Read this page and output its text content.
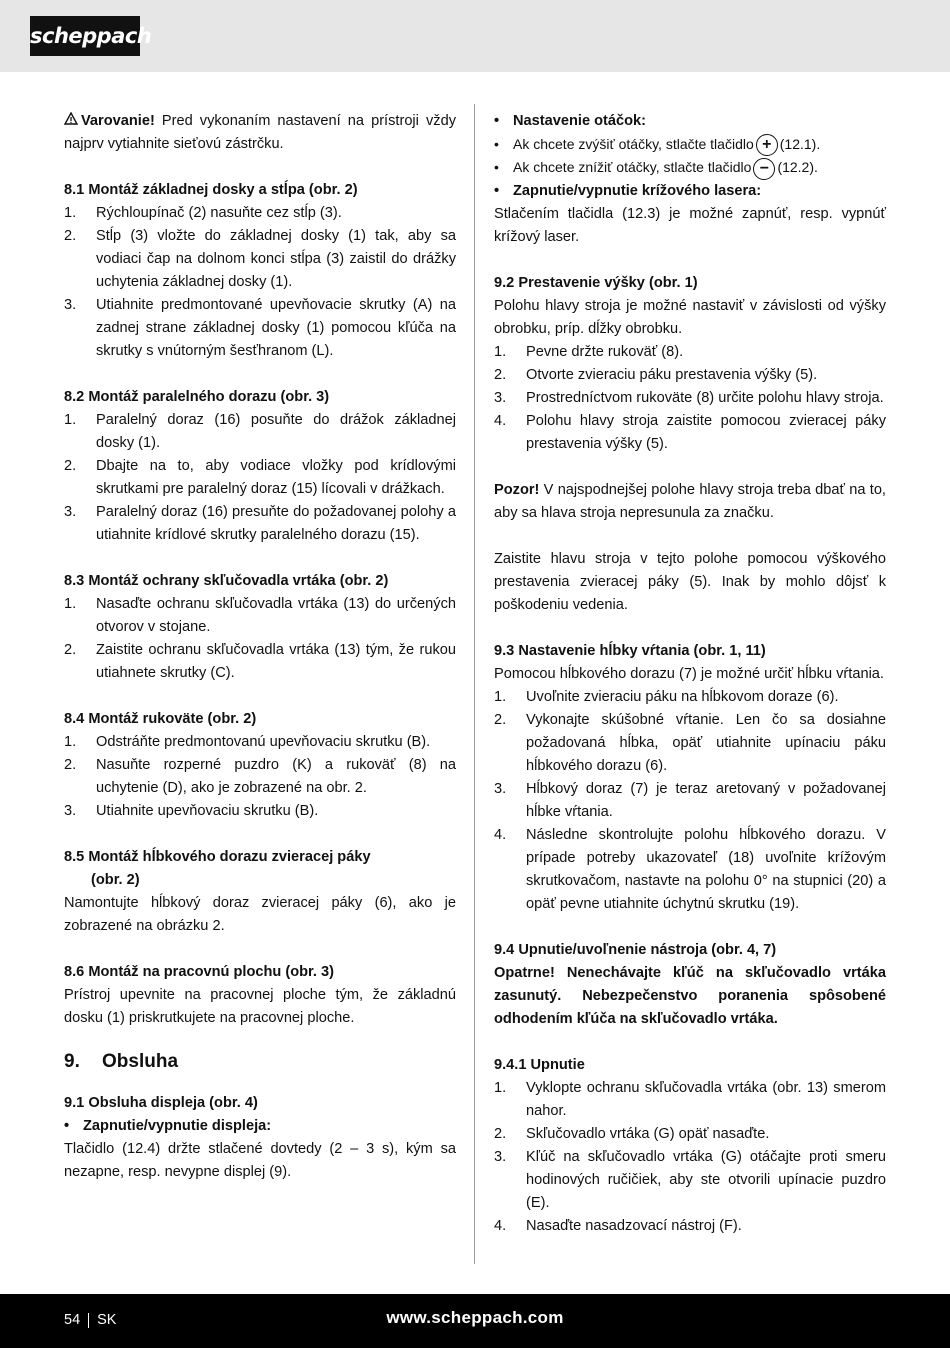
scheppach
Varovanie! Pred vykonaním nastavení na prístroji vždy najprv vytiahnite sieťovú zástrčku.
8.1 Montáž základnej dosky a stĺpa (obr. 2)
1.	Rýchloupínač (2) nasuňte cez stĺp (3).
2.	Stĺp (3) vložte do základnej dosky (1) tak, aby sa vodiaci čap na dolnom konci stĺpa (3) zaistil do drážky uchytenia základnej dosky (1).
3.	Utiahnite predmontované upevňovacie skrutky (A) na zadnej strane základnej dosky (1) pomocou kľúča na skrutky s vnútorným šesťhranom (L).
8.2 Montáž paralelného dorazu (obr. 3)
1.	Paralelný doraz (16) posuňte do drážok základnej dosky (1).
2.	Dbajte na to, aby vodiace vložky pod krídlovými skrutkami pre paralelný doraz (15) lícovali v drážkach.
3.	Paralelný doraz (16) presuňte do požadovanej polohy a utiahnite krídlové skrutky paralelného dorazu (15).
8.3 Montáž ochrany skľučovadla vrtáka (obr. 2)
1.	Nasaďte ochranu skľučovadla vrtáka (13) do určených otvorov v stojane.
2.	Zaistite ochranu skľučovadla vrtáka (13) tým, že rukou utiahnete skrutky (C).
8.4 Montáž rukoväte (obr. 2)
1.	Odstráňte predmontovanú upevňovaciu skrutku (B).
2.	Nasuňte rozperné puzdro (K) a rukoväť (8) na uchytenie (D), ako je zobrazené na obr. 2.
3.	Utiahnite upevňovaciu skrutku (B).
8.5 Montáž hĺbkového dorazu zvieracej páky
(obr. 2)
Namontujte hĺbkový doraz zvieracej páky (6), ako je zobrazené na obrázku 2.
8.6 Montáž na pracovnú plochu (obr. 3)
Prístroj upevnite na pracovnej ploche tým, že základnú dosku (1) priskrutkujete na pracovnej ploche.
9.	Obsluha
9.1 Obsluha displeja (obr. 4)
• Zapnutie/vypnutie displeja:
Tlačidlo (12.4) držte stlačené dovtedy (2 – 3 s), kým sa nezapne, resp. nevypne displej (9).
• Nastavenie otáčok:
•	Ak chcete zvýšiť otáčky, stlačte tlačidlo + (12.1).
•	Ak chcete znížiť otáčky, stlačte tlačidlo − (12.2).
• Zapnutie/vypnutie krížového lasera:
Stlačením tlačidla (12.3) je možné zapnúť, resp. vypnúť krížový laser.
9.2 Prestavenie výšky (obr. 1)
Polohu hlavy stroja je možné nastaviť v závislosti od výšky obrobku, príp. dĺžky obrobku.
1.	Pevne držte rukoväť (8).
2.	Otvorte zvieraciu páku prestavenia výšky (5).
3.	Prostredníctvom rukoväte (8) určite polohu hlavy stroja.
4.	Polohu hlavy stroja zaistite pomocou zvieracej páky prestavenia výšky (5).
Pozor! V najspodnejšej polohe hlavy stroja treba dbať na to, aby sa hlava stroja nepresunula za značku.
Zaistite hlavu stroja v tejto polohe pomocou výškového prestavenia zvieracej páky (5). Inak by mohlo dôjsť k poškodeniu vedenia.
9.3 Nastavenie hĺbky vŕtania (obr. 1, 11)
Pomocou hĺbkového dorazu (7) je možné určiť hĺbku vŕtania.
1.	Uvoľnite zvieraciu páku na hĺbkovom doraze (6).
2.	Vykonajte skúšobné vŕtanie. Len čo sa dosiahne požadovaná hĺbka, opäť utiahnite upínaciu páku hĺbkového dorazu (6).
3.	Hĺbkový doraz (7) je teraz aretovaný v požadovanej hĺbke vŕtania.
4.	Následne skontrolujte polohu hĺbkového dorazu. V prípade potreby ukazovateľ (18) uvoľnite krížovým skrutkovačom, nastavte na polohu 0° na stupnici (20) a opäť pevne utiahnite úchytnú skrutku (19).
9.4 Upnutie/uvoľnenie nástroja (obr. 4, 7)
Opatrne! Nenechávajte kľúč na skľučovadlo vrtáka zasunutý. Nebezpečenstvo poranenia spôsobené odhodením kľúča na skľučovadlo vrtáka.
9.4.1 Upnutie
1.	Vyklopte ochranu skľučovadla vrtáka (obr. 13) smerom nahor.
2.	Skľučovadlo vrtáka (G) opäť nasaďte.
3.	Kľúč na skľučovadlo vrtáka (G) otáčajte proti smeru hodinových ručičiek, aby ste otvorili upínacie puzdro (E).
4.	Nasaďte nasadzovací nástroj (F).
54 SK	www.scheppach.com
